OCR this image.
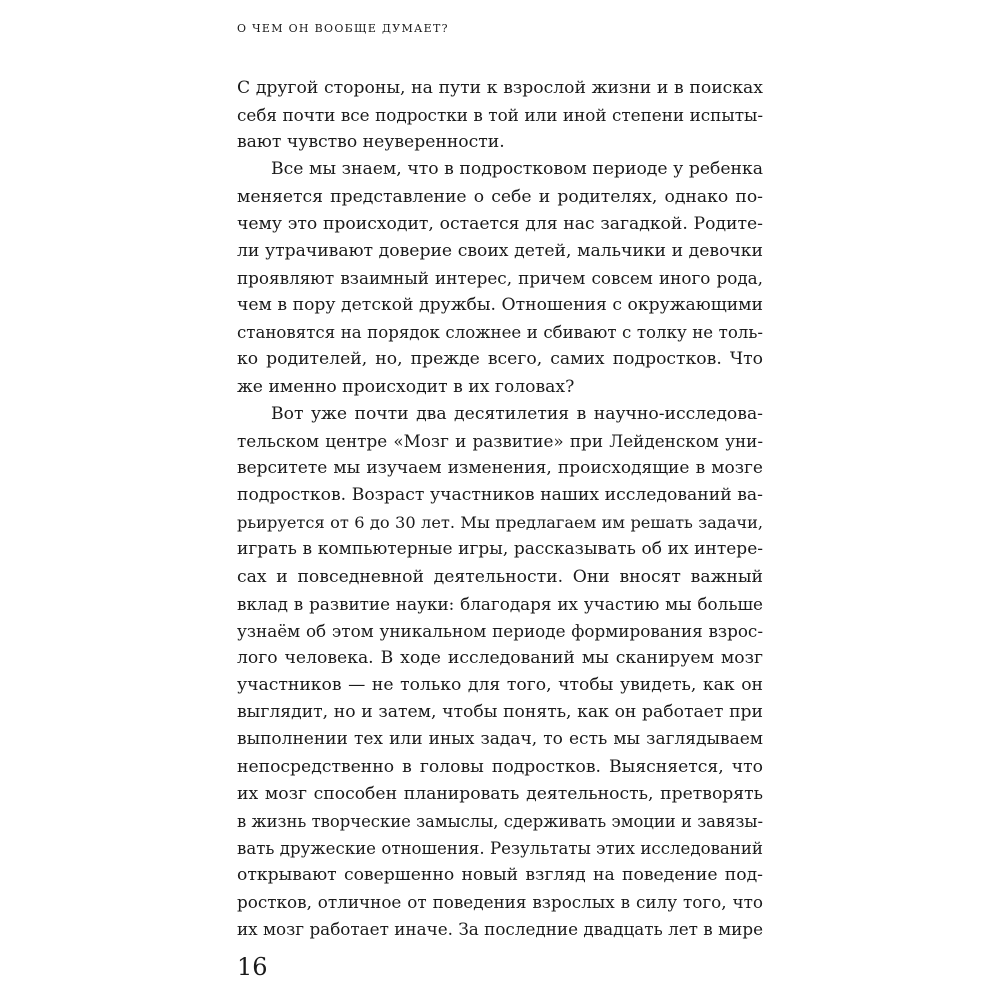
О ЧЕМ ОН ВООБЩЕ ДУМАЕТ?
С другой стороны, на пути к взрослой жизни и в поисках
себя почти все подростки в той или иной степени испыты-
вают чувство неуверенности.
Все мы знаем, что в подростковом периоде у ребенка
меняется представление о себе и родителях, однако по-
чему это происходит, остается для нас загадкой. Родите-
ли утрачивают доверие своих детей, мальчики и девочки
проявляют взаимный интерес, причем совсем иного рода,
чем в пору детской дружбы. Отношения с окружающими
становятся на порядок сложнее и сбивают с толку не толь-
ко родителей, но, прежде всего, самих подростков. Что
же именно происходит в их головах?
Вот уже почти два десятилетия в научно-исследова-
тельском центре «Мозг и развитие» при Лейденском уни-
верситете мы изучаем изменения, происходящие в мозге
подростков. Возраст участников наших исследований ва-
рьируется от 6 до 30 лет. Мы предлагаем им решать задачи,
играть в компьютерные игры, рассказывать об их интере-
сах и повседневной деятельности. Они вносят важный
вклад в развитие науки: благодаря их участию мы больше
узнаём об этом уникальном периоде формирования взрос-
лого человека. В ходе исследований мы сканируем мозг
участников — не только для того, чтобы увидеть, как он
выглядит, но и затем, чтобы понять, как он работает при
выполнении тех или иных задач, то есть мы заглядываем
непосредственно в головы подростков. Выясняется, что
их мозг способен планировать деятельность, претворять
в жизнь творческие замыслы, сдерживать эмоции и завязы-
вать дружеские отношения. Результаты этих исследований
открывают совершенно новый взгляд на поведение под-
ростков, отличное от поведения взрослых в силу того, что
их мозг работает иначе. За последние двадцать лет в мире
16
